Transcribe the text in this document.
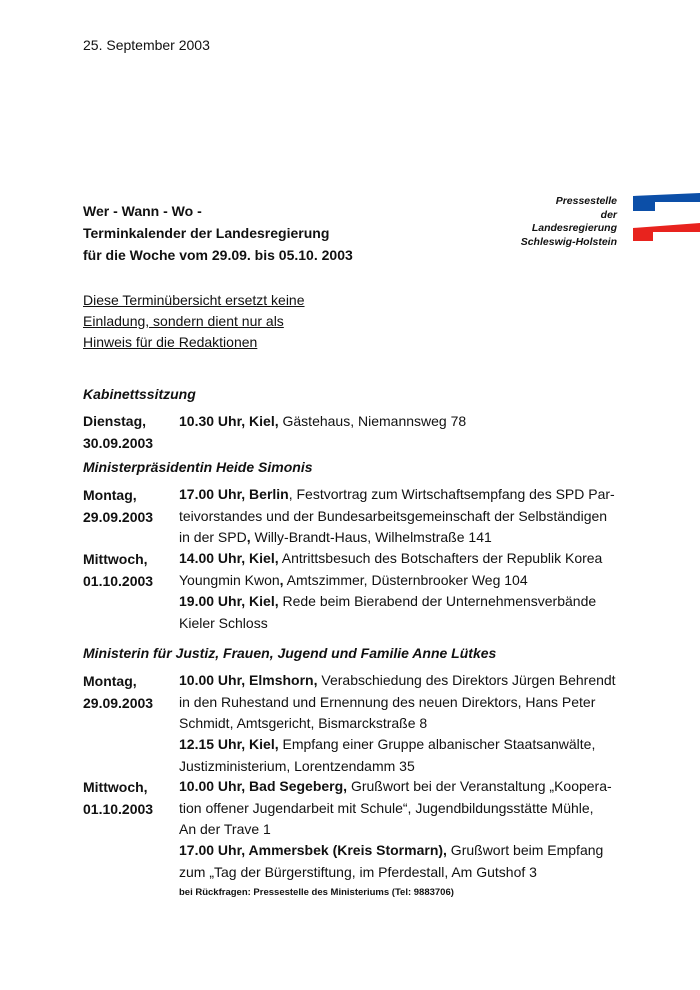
25. September 2003
Wer - Wann - Wo -
Terminkalender der Landesregierung
für die Woche vom 29.09. bis 05.10. 2003
Pressestelle
der
Landesregierung
Schleswig-Holstein
Diese Terminübersicht ersetzt keine
Einladung, sondern dient nur als
Hinweis für die Redaktionen
Kabinettssitzung
Dienstag,
30.09.2003
10.30 Uhr, Kiel, Gästehaus, Niemannsweg 78
Ministerpräsidentin Heide Simonis
Montag,
29.09.2003
17.00 Uhr, Berlin, Festvortrag zum Wirtschaftsempfang des SPD Par-
teivorstandes und der Bundesarbeitsgemeinschaft der Selbständigen
in der SPD, Willy-Brandt-Haus, Wilhelmstraße 141
Mittwoch,
01.10.2003
14.00 Uhr, Kiel, Antrittsbesuch des Botschafters der Republik Korea
Youngmin Kwon, Amtszimmer, Düsternbrooker Weg 104
19.00 Uhr, Kiel, Rede beim Bierabend der Unternehmensverbände
Kieler Schloss
Ministerin für Justiz, Frauen, Jugend und Familie Anne Lütkes
Montag,
29.09.2003
10.00 Uhr, Elmshorn, Verabschiedung des Direktors Jürgen Behrendt
in den Ruhestand und Ernennung des neuen Direktors, Hans Peter
Schmidt, Amtsgericht, Bismarckstraße 8
12.15 Uhr, Kiel, Empfang einer Gruppe albanischer Staatsanwälte,
Justizministerium, Lorentzendamm 35
Mittwoch,
01.10.2003
10.00 Uhr, Bad Segeberg, Grußwort bei der Veranstaltung „Koopera-
tion offener Jugendarbeit mit Schule“, Jugendbildungsstätte Mühle,
An der Trave 1
17.00 Uhr, Ammersbek (Kreis Stormarn), Grußwort beim Empfang
zum „Tag der Bürgerstiftung, im Pferdestall, Am Gutshof 3
bei Rückfragen: Pressestelle des Ministeriums (Tel: 9883706)
